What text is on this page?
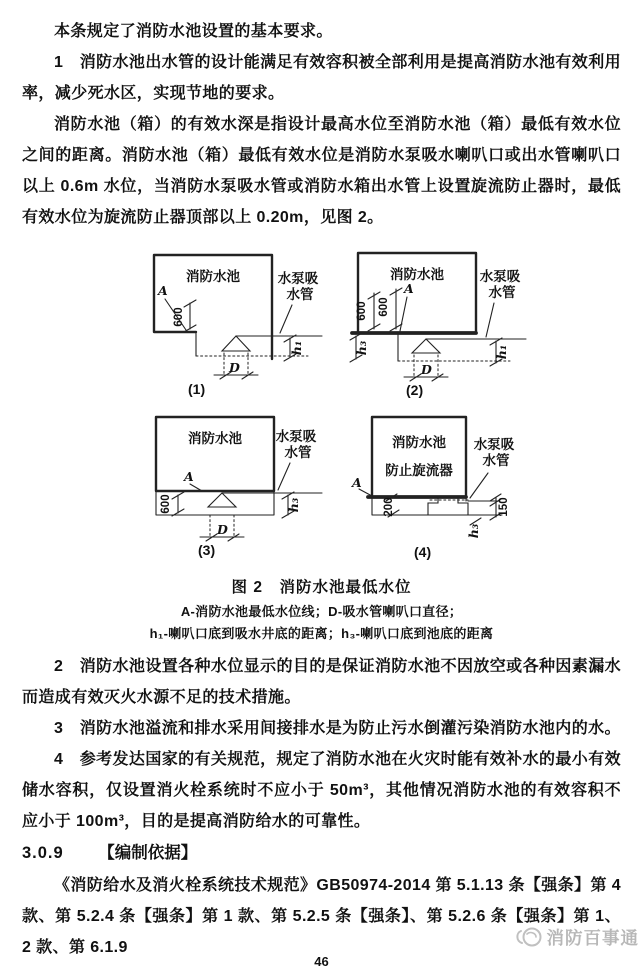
本条规定了消防水池设置的基本要求。

1　消防水池出水管的设计能满足有效容积被全部利用是提高消防水池有效利用率，减少死水区，实现节地的要求。

消防水池（箱）的有效水深是指设计最高水位至消防水池（箱）最低有效水位之间的距离。消防水池（箱）最低有效水位是消防水泵吸水喇叭口或出水管喇叭口以上 0.6m 水位，当消防水泵吸水管或消防水箱出水管上设置旋流防止器时，最低有效水位为旋流防止器顶部以上 0.20m，见图 2。

600
A
h₁
D
消防水池	水泵吸
水管
(1)
600 600
A
h₃	h₁
D
消防水池	水泵吸
水管
(2)
600
A
h₃
D
消防水池	水泵吸
水管
(3)
A
200	150
h₃
消防水池
防止旋流器
水泵吸
水管
(4)

图 2　消防水池最低水位

A-消防水池最低水位线；D-吸水管喇叭口直径；

h₁-喇叭口底到吸水井底的距离；h₃-喇叭口底到池底的距离

2　消防水池设置各种水位显示的目的是保证消防水池不因放空或各种因素漏水而造成有效灭火水源不足的技术措施。

3　消防水池溢流和排水采用间接排水是为防止污水倒灌污染消防水池内的水。

4　参考发达国家的有关规范，规定了消防水池在火灾时能有效补水的最小有效储水容积，仅设置消火栓系统时不应小于 50m³，其他情况消防水池的有效容积不应小于 100m³，目的是提高消防给水的可靠性。

3.0.9 【编制依据】

《消防给水及消火栓系统技术规范》GB50974-2014 第 5.1.13 条【强条】第 4 款、第 5.2.4 条【强条】第 1 款、第 5.2.5 条【强条】、第 5.2.6 条【强条】第 1、2 款、第 6.1.9	消防百事通
46
